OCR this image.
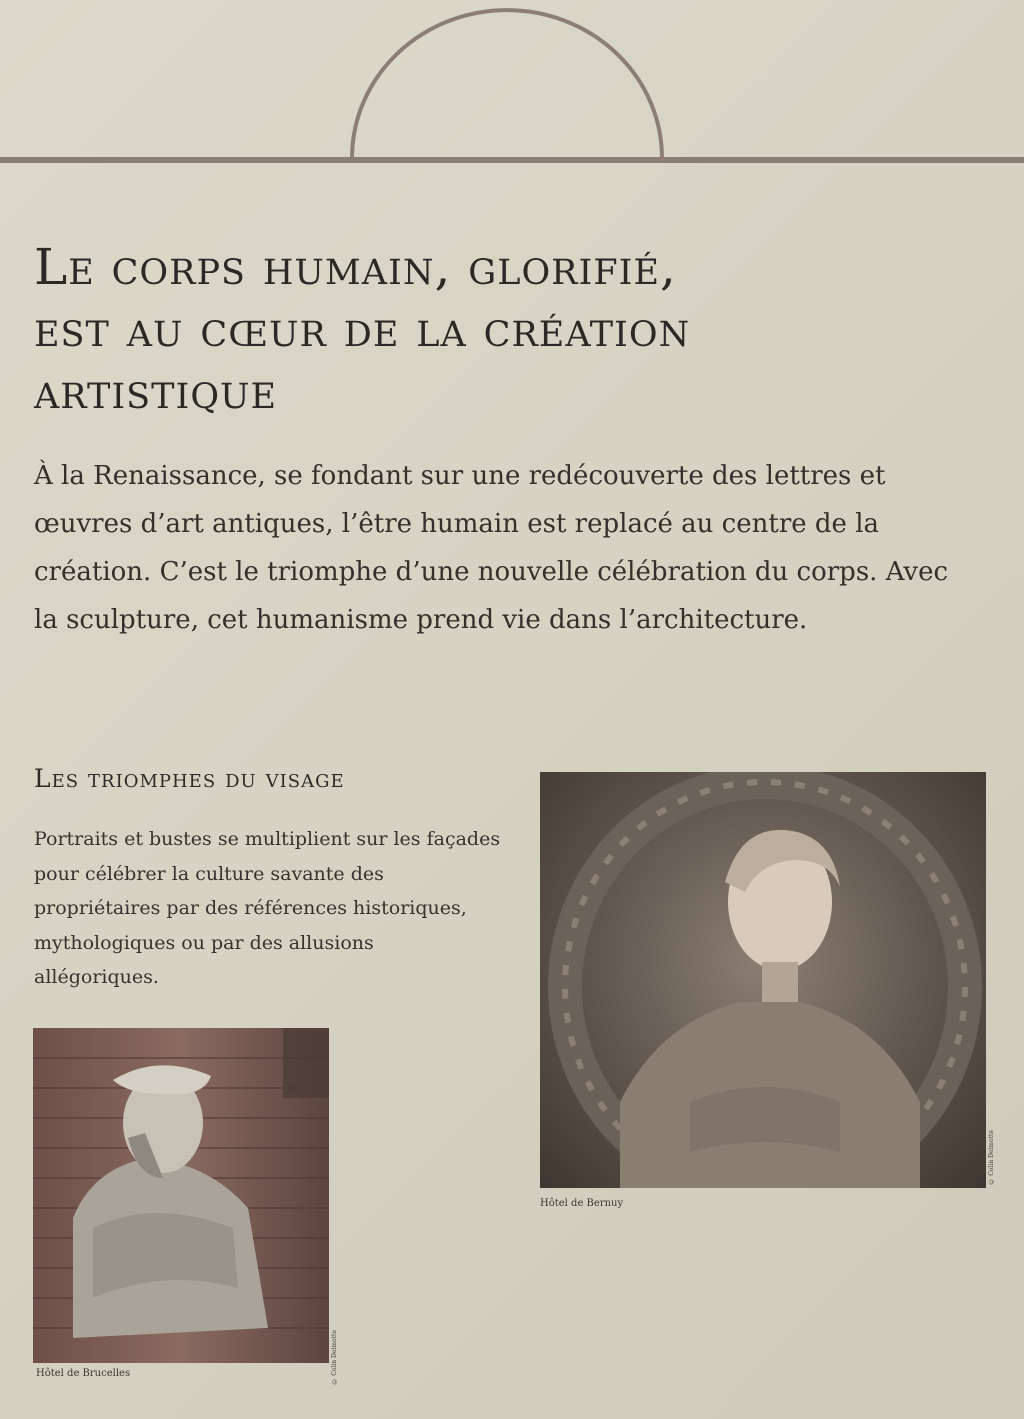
Le corps humain, glorifié,
est au cœur de la création
artistique

À la Renaissance, se fondant sur une redécouverte des lettres et œuvres d’art antiques, l’être humain est replacé au centre de la création. C’est le triomphe d’une nouvelle célébration du corps. Avec la sculpture, cet humanisme prend vie dans l’architecture.

Les triomphes du visage

Portraits et bustes se multiplient sur les façades pour célébrer la culture savante des propriétaires par des références historiques, mythologiques ou par des allusions allégoriques.

© Colin Delmotte

Hôtel de Bernuy

© Colin Delmotte

Hôtel de Brucelles
